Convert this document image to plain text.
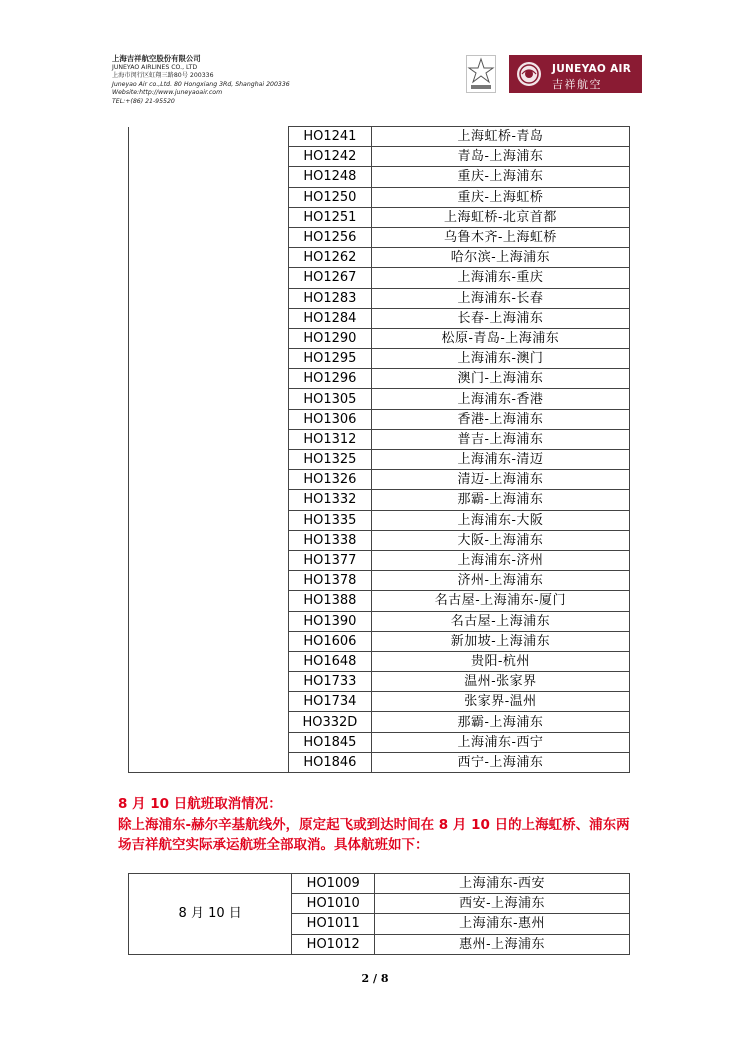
上海吉祥航空股份有限公司
JUNEYAO AIRLINES CO., LTD
上海市闵行区虹翔三路80号 200336
Juneyao Air co.,Ltd. 80 Hongxiang 3Rd, Shanghai 200336
Website:http://www.juneyaoair.com
TEL:+(86) 21-95520
JUNEYAO AIR
吉祥航空
	HO1241	上海虹桥-青岛
	HO1242	青岛-上海浦东
	HO1248	重庆-上海浦东
	HO1250	重庆-上海虹桥
	HO1251	上海虹桥-北京首都
	HO1256	乌鲁木齐-上海虹桥
	HO1262	哈尔滨-上海浦东
	HO1267	上海浦东-重庆
	HO1283	上海浦东-长春
	HO1284	长春-上海浦东
	HO1290	松原-青岛-上海浦东
	HO1295	上海浦东-澳门
	HO1296	澳门-上海浦东
	HO1305	上海浦东-香港
	HO1306	香港-上海浦东
	HO1312	普吉-上海浦东
	HO1325	上海浦东-清迈
	HO1326	清迈-上海浦东
	HO1332	那霸-上海浦东
	HO1335	上海浦东-大阪
	HO1338	大阪-上海浦东
	HO1377	上海浦东-济州
	HO1378	济州-上海浦东
	HO1388	名古屋-上海浦东-厦门
	HO1390	名古屋-上海浦东
	HO1606	新加坡-上海浦东
	HO1648	贵阳-杭州
	HO1733	温州-张家界
	HO1734	张家界-温州
	HO332D	那霸-上海浦东
	HO1845	上海浦东-西宁
	HO1846	西宁-上海浦东
8 月 10 日航班取消情况：
除上海浦东-赫尔辛基航线外，原定起飞或到达时间在 8 月 10 日的上海虹桥、浦东两场吉祥航空实际承运航班全部取消。具体航班如下：
8 月 10 日	HO1009	上海浦东-西安
	HO1010	西安-上海浦东
	HO1011	上海浦东-惠州
	HO1012	惠州-上海浦东
2 / 8
